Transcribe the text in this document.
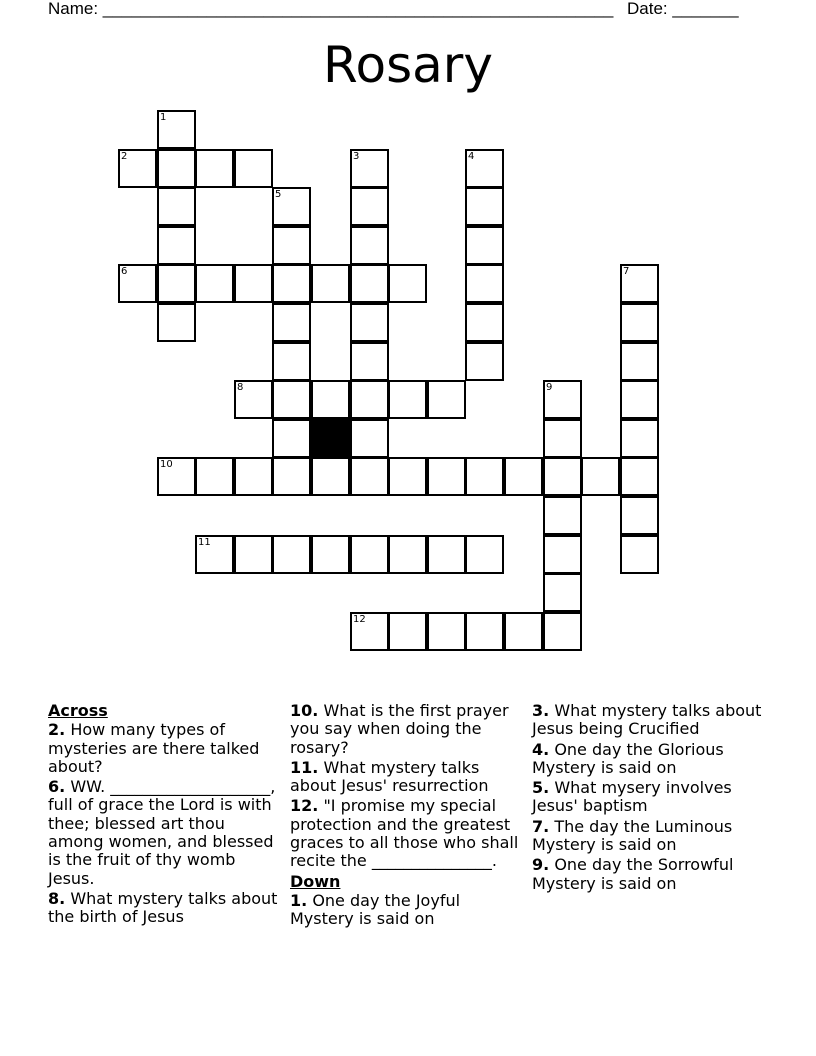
Name: ______________________________________________________ Date: _______
Rosary
2
6
8
10
11
12
1
3	4
5
7
9
Across
2. How many types of mysteries are there talked about?
6. WW. ____________________, full of grace the Lord is with thee; blessed art thou among women, and blessed is the fruit of thy womb Jesus.
8. What mystery talks about the birth of Jesus
10. What is the first prayer you say when doing the rosary?
11. What mystery talks about Jesus' resurrection
12. "I promise my special protection and the greatest graces to all those who shall recite the _______________.
Down
1. One day the Joyful Mystery is said on
3. What mystery talks about Jesus being Crucified
4. One day the Glorious Mystery is said on
5. What mysery involves Jesus' baptism
7. The day the Luminous Mystery is said on
9. One day the Sorrowful Mystery is said on
